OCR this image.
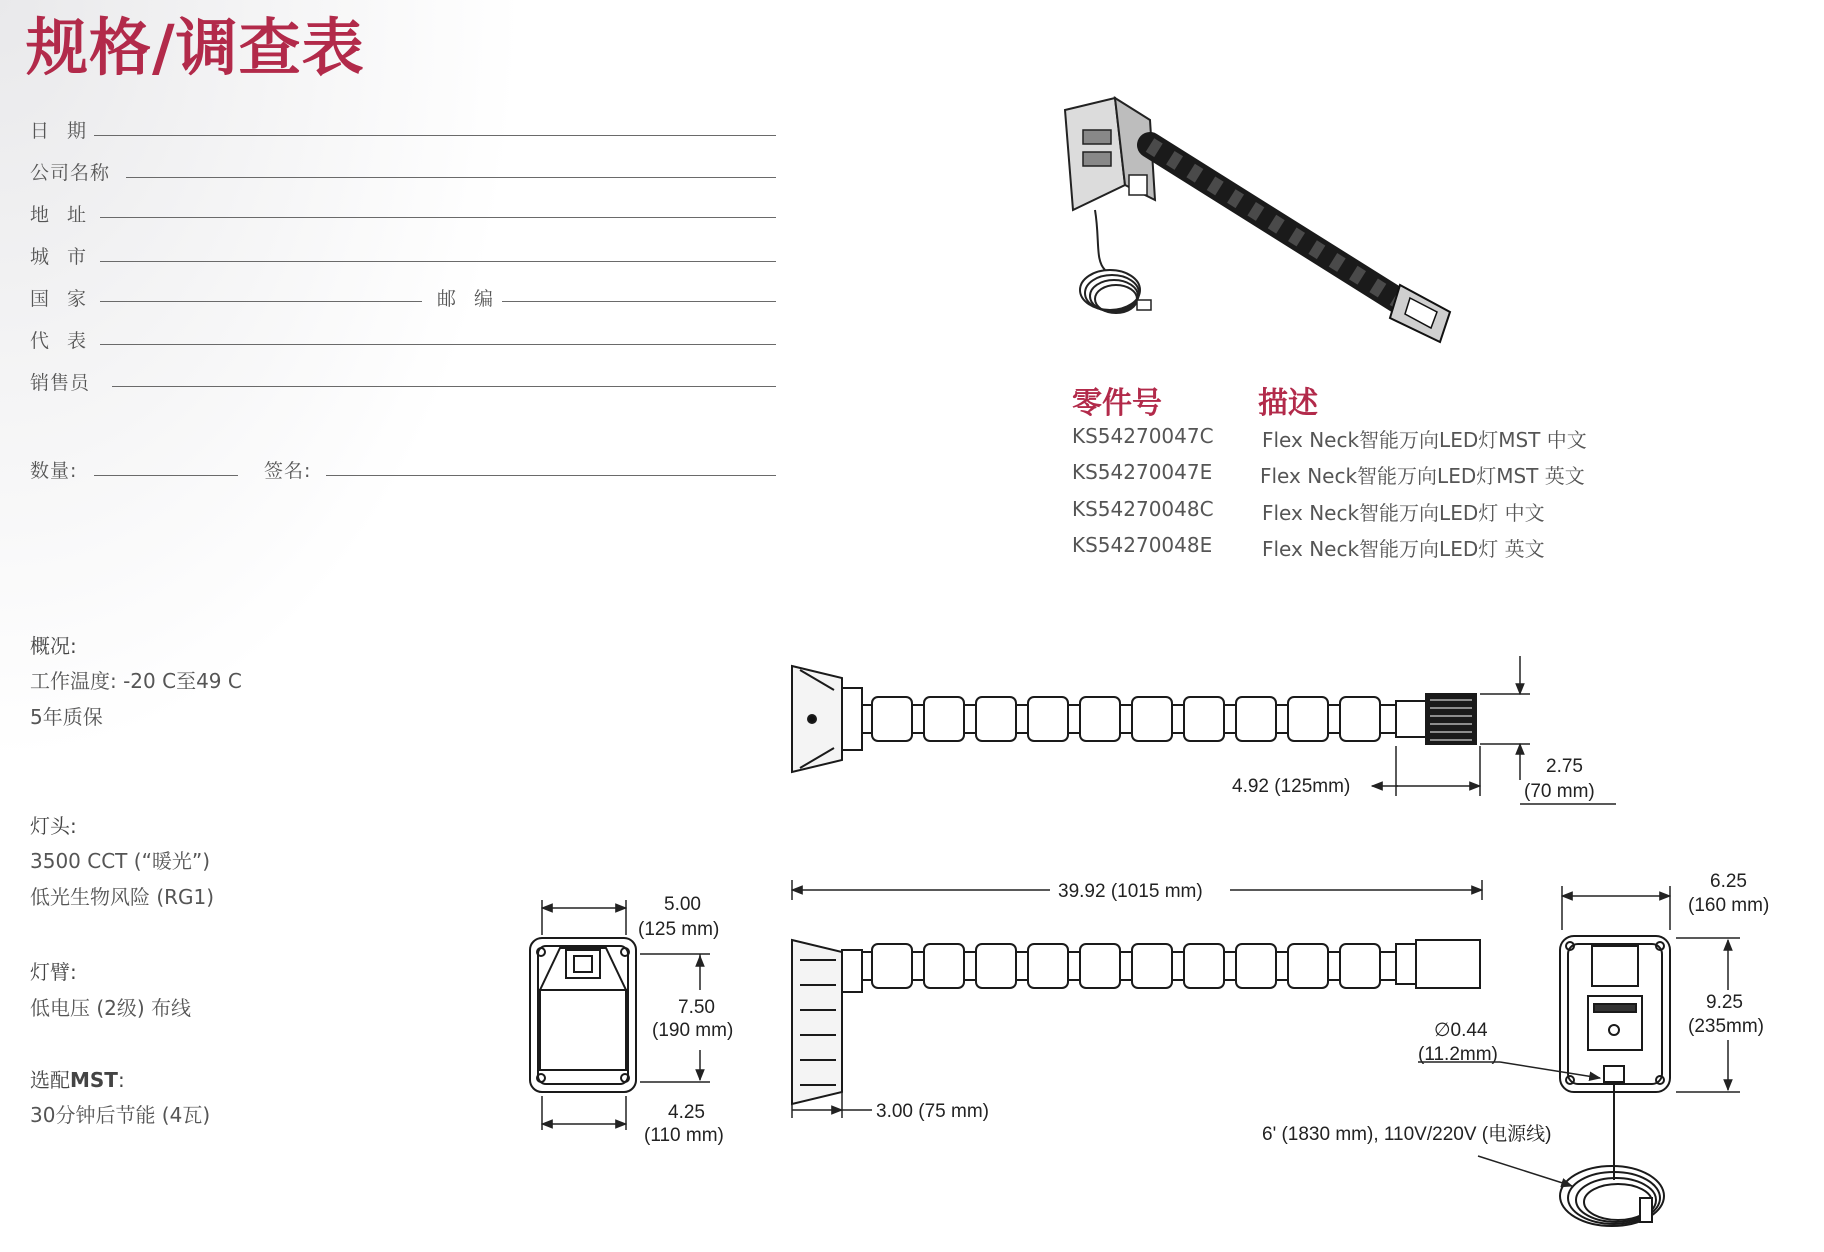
规格/调查表
日 期
公司名称
地 址
城 市
国 家	邮 编
代 表
销售员
数量:	签名:
零件号	描述
KS54270047C Flex Neck智能万向LED灯MST 中文
KS54270047E Flex Neck智能万向LED灯MST 英文
KS54270048C Flex Neck智能万向LED灯 中文
KS54270048E Flex Neck智能万向LED灯 英文
概况:
工作温度: -20 C至49 C
5年质保
灯头:
3500 CCT (“暖光”)
低光生物风险 (RG1)
灯臂:
低电压 (2级) 布线
选配MST:
30分钟后节能 (4瓦)
4.92 (125mm)
2.75
(70 mm)
39.92 (1015 mm)
3.00 (75 mm)
5.00
(125 mm)
7.50
(190 mm)
4.25
(110 mm)
6.25
(160 mm)
9.25
(235mm)
∅0.44
(11.2mm)
6' (1830 mm), 110V/220V (电源线)
